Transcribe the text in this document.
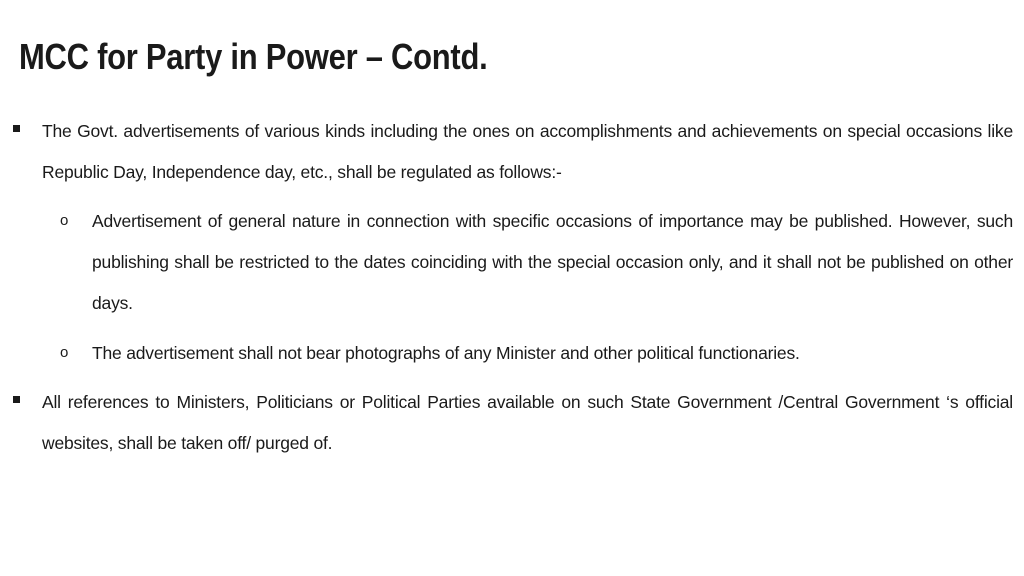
MCC for Party in Power – Contd.
The Govt. advertisements of various kinds including the ones on accomplishments and achievements on special occasions like Republic Day, Independence day, etc., shall be regulated as follows:-
o Advertisement of general nature in connection with specific occasions of importance may be published. However, such publishing shall be restricted to the dates coinciding with the special occasion only, and it shall not be published on other days.
o The advertisement shall not bear photographs of any Minister and other political functionaries.
All references to Ministers, Politicians or Political Parties available on such State Government /Central Government ‘s official websites, shall be taken off/ purged of.
